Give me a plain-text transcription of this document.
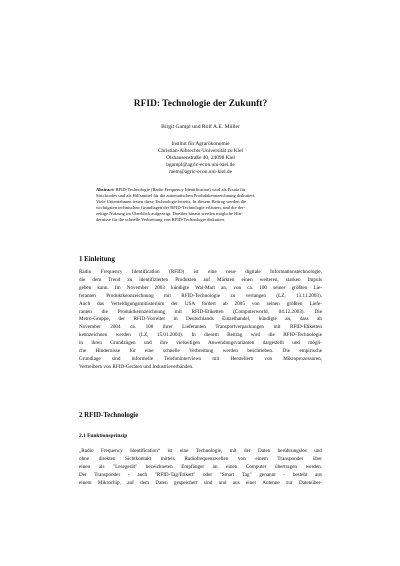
RFID: Technologie der Zukunft?
Birgit Gampl und Rolf A.E. Müller
Institut für Agrarökonomie
Christian-Albrechts-Universität zu Kiel
Olshausenstraße 40, 24098 Kiel
bgampl@agric-econ.uni-kiel.de
raem@agric-econ.uni-kiel.de
Abstract: RFID-Technologie (Radio Frequency Identification) wird als Ersatz für
Strichcodes und als Hilfsmittel für die automatischen Produktkennzeichnung diskutiert.
Viele Unternehmen testen diese Technologie bereits. In diesem Beitrag werden die
wichtigsten technischen Grundlagen der RFID-Technologie erläutert, und die der-
zeitige Nutzung im Überblick aufgezeigt. Darüber hinaus werden mögliche Hin-
dernisse für die schnelle Verbreitung von RFID-Technologie diskutiert.
1 Einleitung
Radio Frequency Identification (RFID) ist eine neue digitale Informationstechnologie,
die dem Trend zu identifizierten Produkten auf Märkten einen weiteren, starken Impuls
geben kann. Im November 2003 kündigte Wal-Mart an, von ca. 100 seiner größten Lie-
feranten Produktkennzeichnung mit RFID-Technologie zu verlangen (LZ, 13.11.2003).
Auch das Verteidigungsministerium der USA fordert ab 2005 von seinen größten Liefe-
ranten die Produktkennzeichnung mit RFID-Etiketten (Computerworld, 04.12.2003). Die
Metro-Gruppe, der RFID-Vorreiter in Deutschlands Einzelhandel, kündigte an, dass ab
November 2004 ca. 100 ihrer Lieferanten Transportverpackungen mit RFID-Etiketten
kennzeichnen werden (LZ, 15.01.2004). In diesem Beitrag wird die RFID-Technologie
in ihren Grundzügen und ihre vielseitigen Anwendungsvarianten dargestellt und mögli-
che Hindernisse für eine schnelle Verbreitung werden beschrieben. Die empirische
Grundlage sind informelle Telefoninterviews mit Herstellern von Mikroprozessoren,
Vertreibern von RFID-Geräten und Industrieverbänden.
2 RFID-Technologie
2.1 Funktionsprinzip
„Radio Frequency Identification“ ist eine Technologie, mit der Daten berührungslos und
ohne direkten Sichtkontakt mittels Radiofrequenzwellen von einem Transponder über
einen als "Lesegerät" bezeichneten Empfänger an einen Computer übertragen werden.
Der Transponder - auch "RFID-Tag/Etikett" oder "Smart Tag" genannt - besteht aus
einem Mikrochip, auf dem Daten gespeichert sind und aus einer Antenne zur Datenüber-
